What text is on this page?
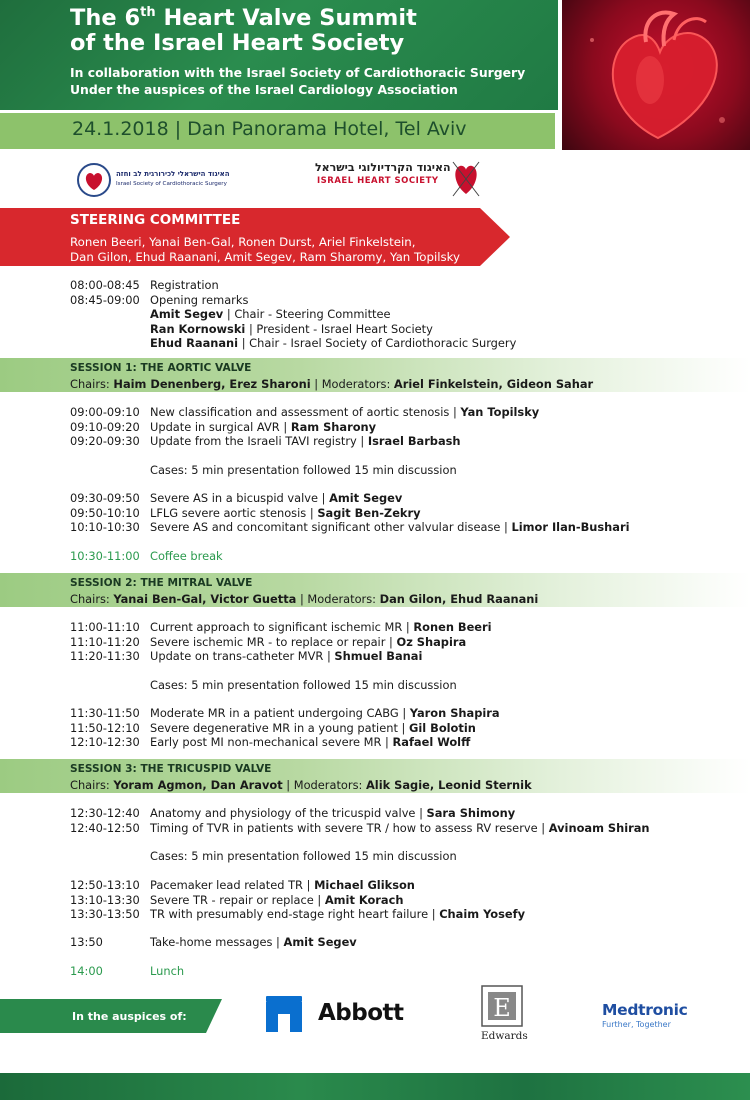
The 6th Heart Valve Summit
of the Israel Heart Society
In collaboration with the Israel Society of Cardiothoracic Surgery
Under the auspices of the Israel Cardiology Association
24.1.2018 | Dan Panorama Hotel, Tel Aviv
האיגוד הישראלי לכירורגית לב וחזה
Israel Society of Cardiothoracic Surgery
האיגוד הקרדיולוגי בישראל
ISRAEL HEART SOCIETY
STEERING COMMITTEE
Ronen Beeri, Yanai Ben-Gal, Ronen Durst, Ariel Finkelstein,
Dan Gilon, Ehud Raanani, Amit Segev, Ram Sharomy, Yan Topilsky
08:00-08:45 Registration
08:45-09:00 Opening remarks
Amit Segev | Chair - Steering Committee
Ran Kornowski | President - Israel Heart Society
Ehud Raanani | Chair - Israel Society of Cardiothoracic Surgery
SESSION 1: THE AORTIC VALVE
Chairs: Haim Denenberg, Erez Sharoni | Moderators: Ariel Finkelstein, Gideon Sahar
09:00-09:10 New classification and assessment of aortic stenosis | Yan Topilsky
09:10-09:20 Update in surgical AVR | Ram Sharony
09:20-09:30 Update from the Israeli TAVI registry | Israel Barbash
Cases: 5 min presentation followed 15 min discussion
09:30-09:50 Severe AS in a bicuspid valve | Amit Segev
09:50-10:10 LFLG severe aortic stenosis | Sagit Ben-Zekry
10:10-10:30 Severe AS and concomitant significant other valvular disease | Limor Ilan-Bushari
10:30-11:00 Coffee break
SESSION 2: THE MITRAL VALVE
Chairs: Yanai Ben-Gal, Victor Guetta | Moderators: Dan Gilon, Ehud Raanani
11:00-11:10 Current approach to significant ischemic MR | Ronen Beeri
11:10-11:20 Severe ischemic MR - to replace or repair | Oz Shapira
11:20-11:30 Update on trans-catheter MVR | Shmuel Banai
Cases: 5 min presentation followed 15 min discussion
11:30-11:50 Moderate MR in a patient undergoing CABG | Yaron Shapira
11:50-12:10 Severe degenerative MR in a young patient | Gil Bolotin
12:10-12:30 Early post MI non-mechanical severe MR | Rafael Wolff
SESSION 3: THE TRICUSPID VALVE
Chairs: Yoram Agmon, Dan Aravot | Moderators: Alik Sagie, Leonid Sternik
12:30-12:40 Anatomy and physiology of the tricuspid valve | Sara Shimony
12:40-12:50 Timing of TVR in patients with severe TR / how to assess RV reserve | Avinoam Shiran
Cases: 5 min presentation followed 15 min discussion
12:50-13:10 Pacemaker lead related TR | Michael Glikson
13:10-13:30 Severe TR - repair or replace | Amit Korach
13:30-13:50 TR with presumably end-stage right heart failure | Chaim Yosefy
13:50	Take-home messages | Amit Segev
14:00	Lunch
In the auspices of:	Abbott	E
Edwards
Medtronic
Further, Together
